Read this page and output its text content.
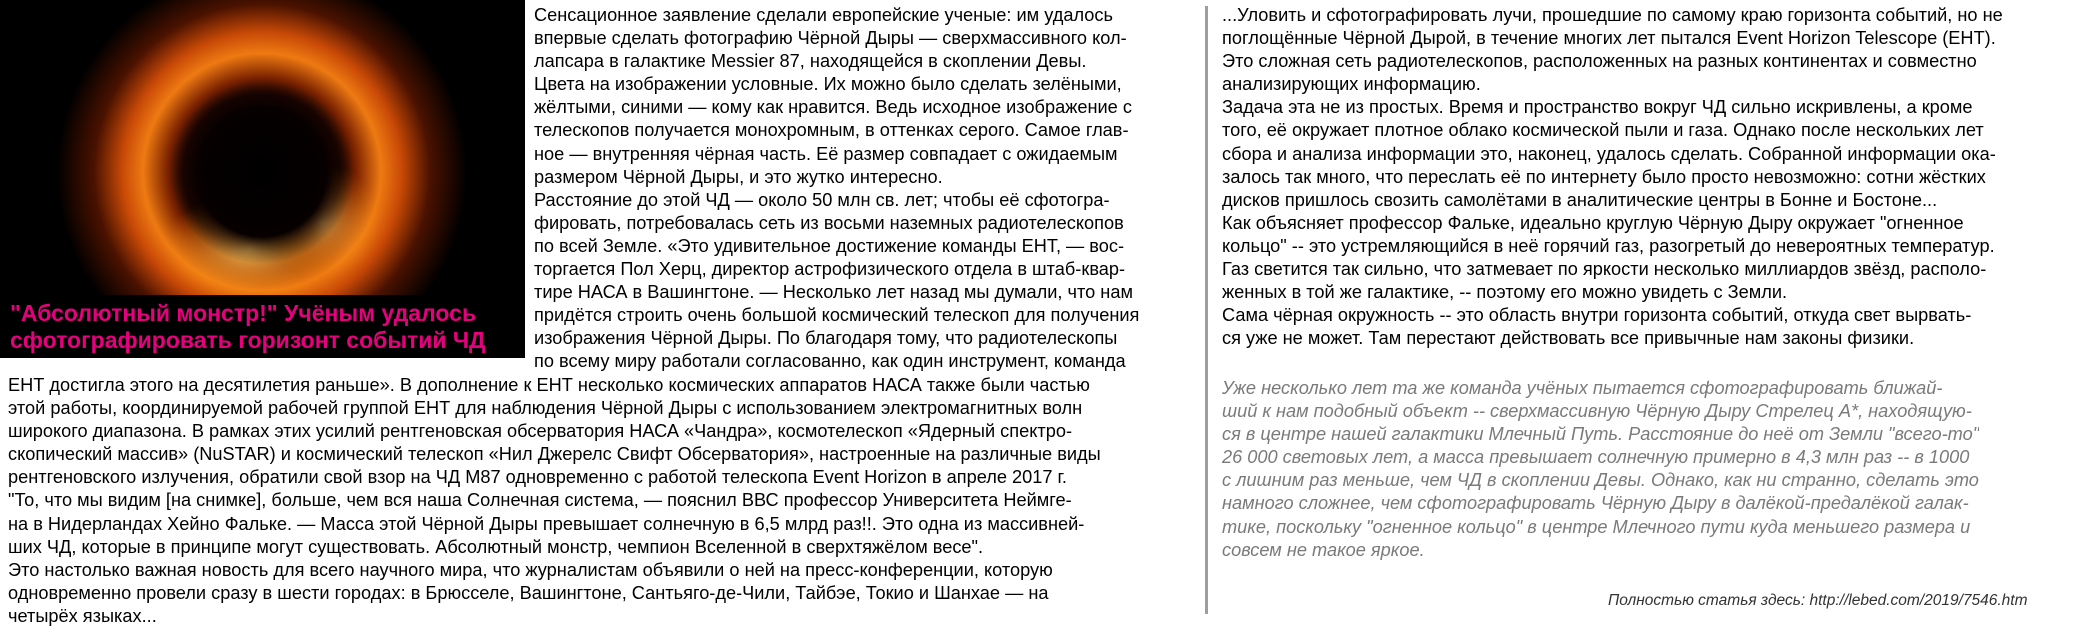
"Абсолютный монстр!" Учёным удалось
сфотографировать горизонт событий ЧД
Сенсационное заявление сделали европейские ученые: им удалось
впервые сделать фотографию Чёрной Дыры — сверхмассивного кол-
лапсара в галактике Messier 87, находящейся в скоплении Девы.
Цвета на изображении условные. Их можно было сделать зелёными,
жёлтыми, синими — кому как нравится. Ведь исходное изображение с
телескопов получается монохромным, в оттенках серого. Самое глав-
ное — внутренняя чёрная часть. Её размер совпадает с ожидаемым
размером Чёрной Дыры, и это жутко интересно.
Расстояние до этой ЧД — около 50 млн св. лет; чтобы её сфотогра-
фировать, потребовалась сеть из восьми наземных радиотелескопов
по всей Земле. «Это удивительное достижение команды ЕНТ, — вос-
торгается Пол Херц, директор астрофизического отдела в штаб-квар-
тире НАСА в Вашингтоне. — Несколько лет назад мы думали, что нам
придётся строить очень большой космический телескоп для получения
изображения Чёрной Дыры. По благодаря тому, что радиотелескопы
по всему миру работали согласованно, как один инструмент, команда
ЕНТ достигла этого на десятилетия раньше». В дополнение к ЕНТ несколько космических аппаратов НАСА также были частью
этой работы, координируемой рабочей группой ЕНТ для наблюдения Чёрной Дыры с использованием электромагнитных волн
широкого диапазона. В рамках этих усилий рентгеновская обсерватория НАСА «Чандра», космотелескоп «Ядерный спектро-
скопический массив» (NuSTAR) и космический телескоп «Нил Джерелс Свифт Обсерватория», настроенные на различные виды
рентгеновского излучения, обратили свой взор на ЧД М87 одновременно с работой телескопа Event Horizon в апреле 2017 г.
"То, что мы видим [на снимке], больше, чем вся наша Солнечная система, — пояснил ВВС профессор Университета Неймге-
на в Нидерландах Хейно Фальке. — Масса этой Чёрной Дыры превышает солнечную в 6,5 млрд раз!!. Это одна из массивней-
ших ЧД, которые в принципе могут существовать. Абсолютный монстр, чемпион Вселенной в сверхтяжёлом весе".
Это настолько важная новость для всего научного мира, что журналистам объявили о ней на пресс-конференции, которую
одновременно провели сразу в шести городах: в Брюсселе, Вашингтоне, Сантьяго-де-Чили, Тайбэе, Токио и Шанхае — на
четырёх языках...
...Уловить и сфотографировать лучи, прошедшие по самому краю горизонта событий, но не
поглощённые Чёрной Дырой, в течение многих лет пытался Event Horizon Telescope (ЕНТ).
Это сложная сеть радиотелескопов, расположенных на разных континентах и совместно
анализирующих информацию.
Задача эта не из простых. Время и пространство вокруг ЧД сильно искривлены, а кроме
того, её окружает плотное облако космической пыли и газа. Однако после нескольких лет
сбора и анализа информации это, наконец, удалось сделать. Собранной информации ока-
залось так много, что переслать её по интернету было просто невозможно: сотни жёстких
дисков пришлось свозить самолётами в аналитические центры в Бонне и Бостоне...
Как объясняет профессор Фальке, идеально круглую Чёрную Дыру окружает "огненное
кольцо" -- это устремляющийся в неё горячий газ, разогретый до невероятных температур.
Газ светится так сильно, что затмевает по яркости несколько миллиардов звёзд, располо-
женных в той же галактике, -- поэтому его можно увидеть с Земли.
Сама чёрная окружность -- это область внутри горизонта событий, откуда свет вырвать-
ся уже не может. Там перестают действовать все привычные нам законы физики.
Уже несколько лет та же команда учёных пытается сфотографировать ближай-
ший к нам подобный объект -- сверхмассивную Чёрную Дыру Стрелец А*, находящую-
ся в центре нашей галактики Млечный Путь. Расстояние до неё от Земли "всего-то"
26 000 световых лет, а масса превышает солнечную примерно в 4,3 млн раз -- в 1000
с лишним раз меньше, чем ЧД в скоплении Девы. Однако, как ни странно, сделать это
намного сложнее, чем сфотографировать Чёрную Дыру в далёкой-предалёкой галак-
тике, поскольку "огненное кольцо" в центре Млечного пути куда меньшего размера и
совсем не такое яркое.
Полностью статья здесь: http://lebed.com/2019/7546.htm
